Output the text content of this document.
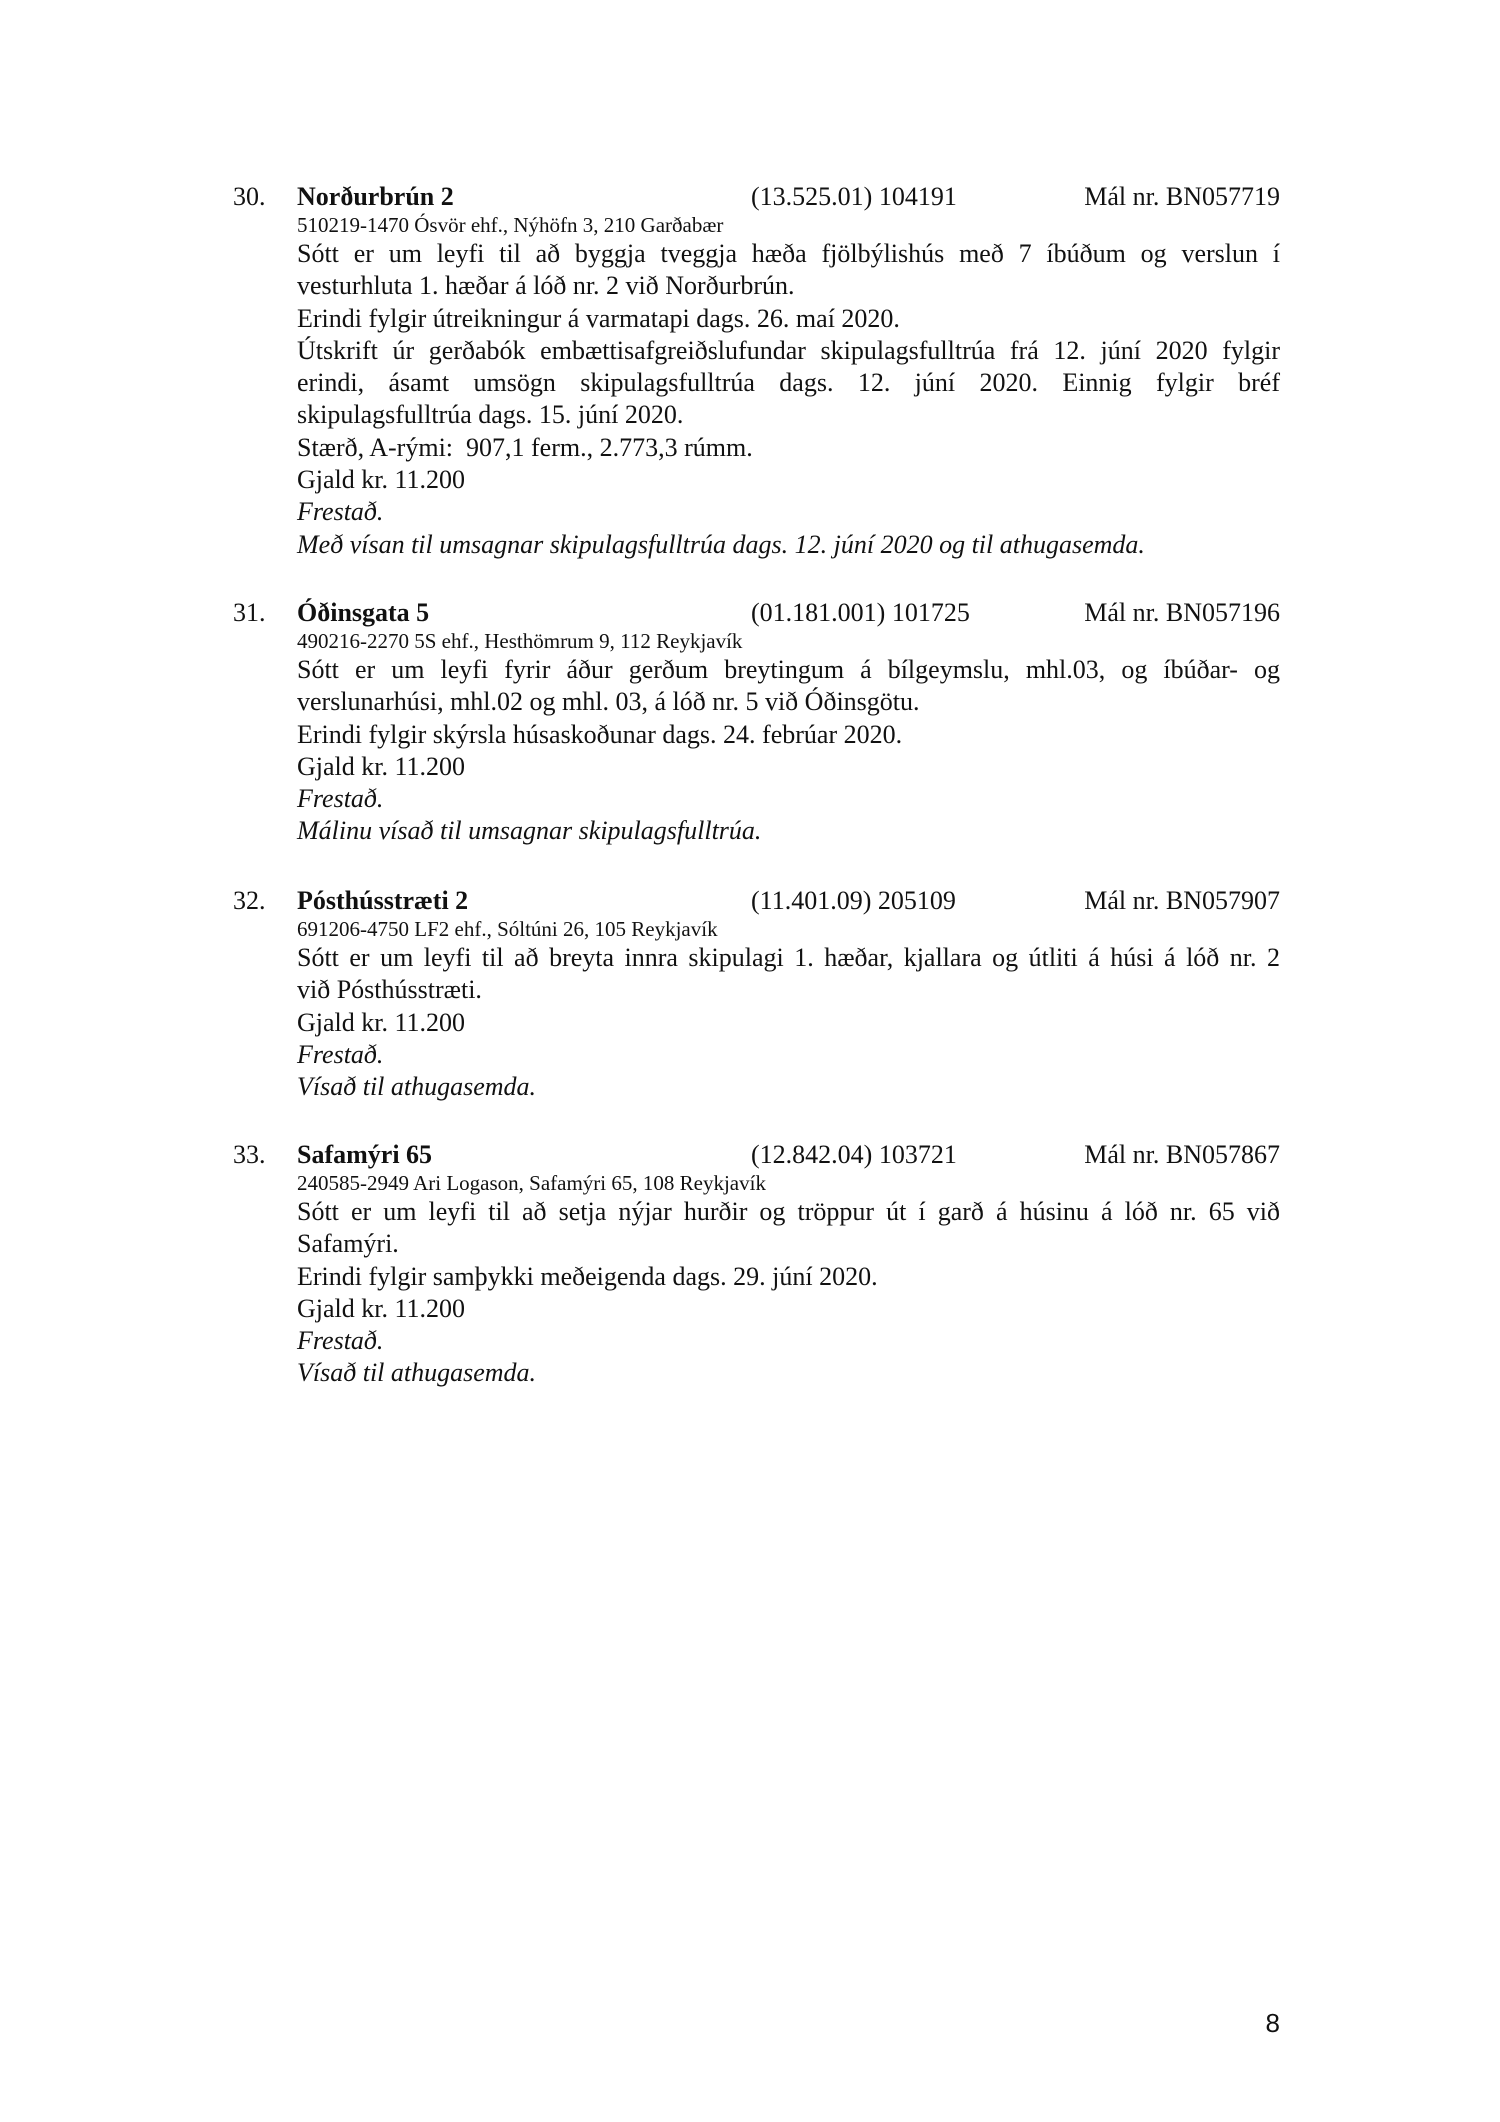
30. Norðurbrún 2	(13.525.01) 104191	Mál nr. BN057719
510219-1470 Ósvör ehf., Nýhöfn 3, 210 Garðabær
Sótt er um leyfi til að byggja tveggja hæða fjölbýlishús með 7 íbúðum og verslun í
vesturhluta 1. hæðar á lóð nr. 2 við Norðurbrún.
Erindi fylgir útreikningur á varmatapi dags. 26. maí 2020.
Útskrift úr gerðabók embættisafgreiðslufundar skipulagsfulltrúa frá 12. júní 2020 fylgir
erindi, ásamt umsögn skipulagsfulltrúa dags. 12. júní 2020. Einnig fylgir bréf
skipulagsfulltrúa dags. 15. júní 2020.
Stærð, A-rými:  907,1 ferm., 2.773,3 rúmm.
Gjald kr. 11.200
Frestað.
Með vísan til umsagnar skipulagsfulltrúa dags. 12. júní 2020 og til athugasemda.
31. Óðinsgata 5	(01.181.001) 101725	Mál nr. BN057196
490216-2270 5S ehf., Hesthömrum 9, 112 Reykjavík
Sótt er um leyfi fyrir áður gerðum breytingum á bílgeymslu, mhl.03, og íbúðar- og
verslunarhúsi, mhl.02 og mhl. 03, á lóð nr. 5 við Óðinsgötu.
Erindi fylgir skýrsla húsaskoðunar dags. 24. febrúar 2020.
Gjald kr. 11.200
Frestað.
Málinu vísað til umsagnar skipulagsfulltrúa.
32. Pósthússtræti 2	(11.401.09) 205109	Mál nr. BN057907
691206-4750 LF2 ehf., Sóltúni 26, 105 Reykjavík
Sótt er um leyfi til að breyta innra skipulagi 1. hæðar, kjallara og útliti á húsi á lóð nr. 2
við Pósthússtræti.
Gjald kr. 11.200
Frestað.
Vísað til athugasemda.
33. Safamýri 65	(12.842.04) 103721	Mál nr. BN057867
240585-2949 Ari Logason, Safamýri 65, 108 Reykjavík
Sótt er um leyfi til að setja nýjar hurðir og tröppur út í garð á húsinu á lóð nr. 65 við
Safamýri.
Erindi fylgir samþykki meðeigenda dags. 29. júní 2020.
Gjald kr. 11.200
Frestað.
Vísað til athugasemda.
8
